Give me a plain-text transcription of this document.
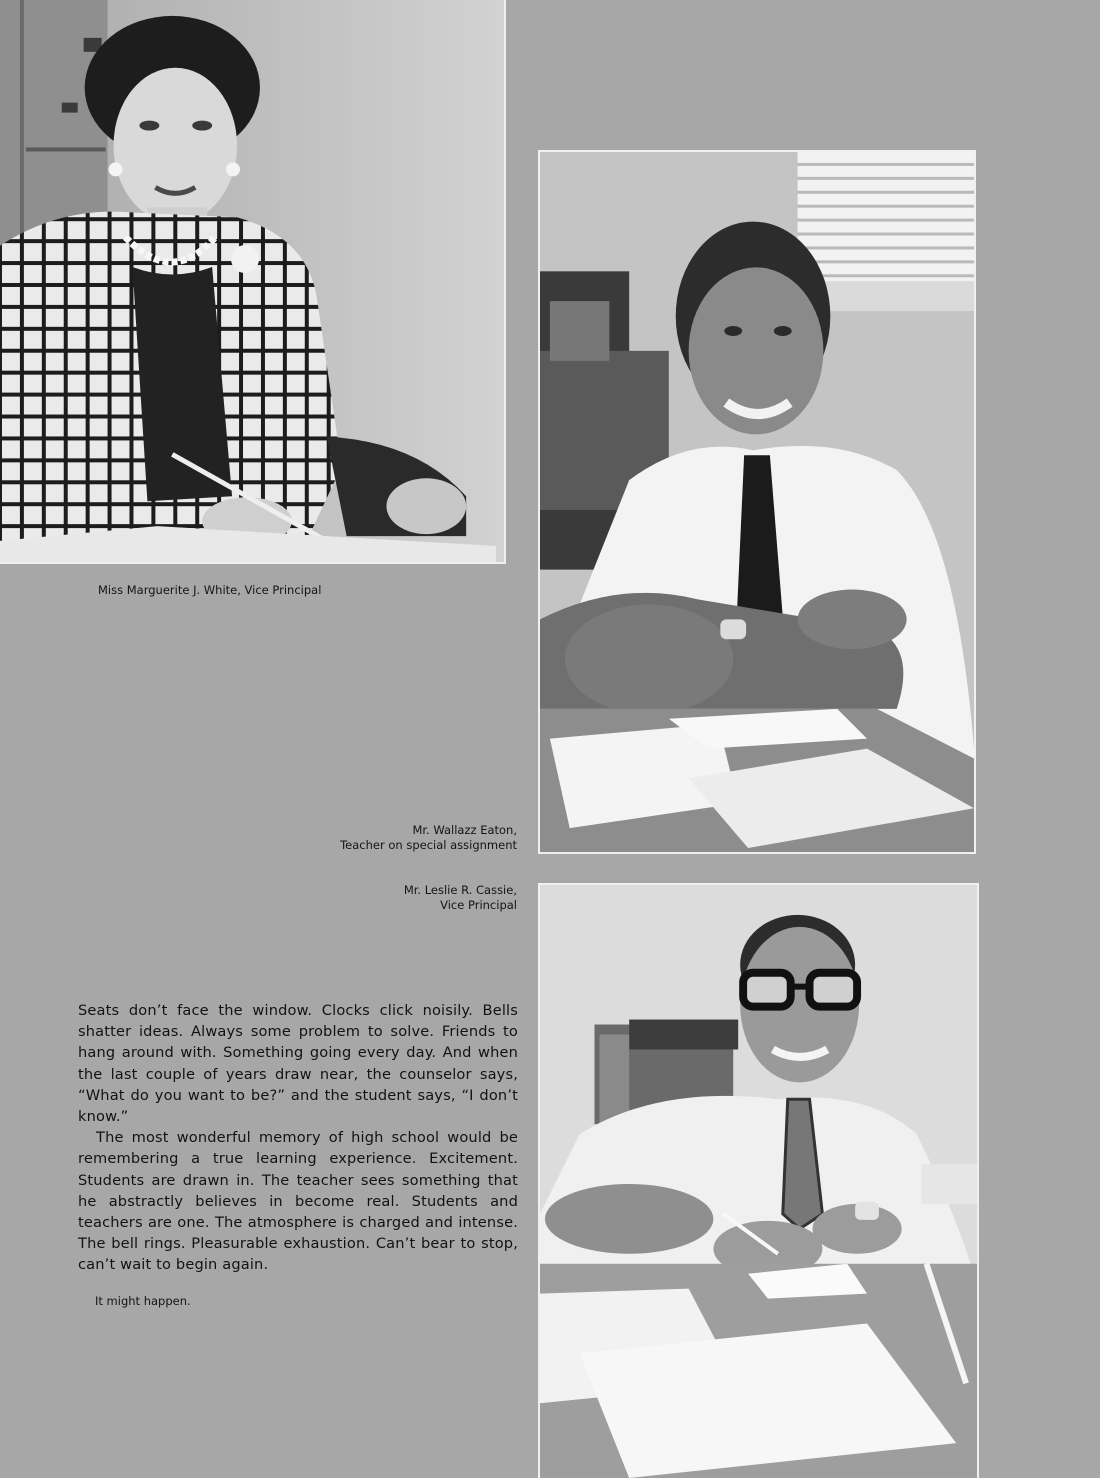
Miss Marguerite J. White, Vice Principal
Mr. Wallazz Eaton,
Teacher on special assignment
Mr. Leslie R. Cassie,
Vice Principal

Seats don’t face the window. Clocks click noisily. Bells shatter ideas. Always some problem to solve. Friends to hang around with. Something going every day. And when the last couple of years draw near, the counselor says, “What do you want to be?” and the student says, “I don’t know.”

The most wonderful memory of high school would be remembering a true learning experience. Excitement. Students are drawn in. The teacher sees something that he abstractly believes in become real. Students and teachers are one. The atmosphere is charged and intense. The bell rings. Pleasurable exhaustion. Can’t bear to stop, can’t wait to begin again.

It might happen.
